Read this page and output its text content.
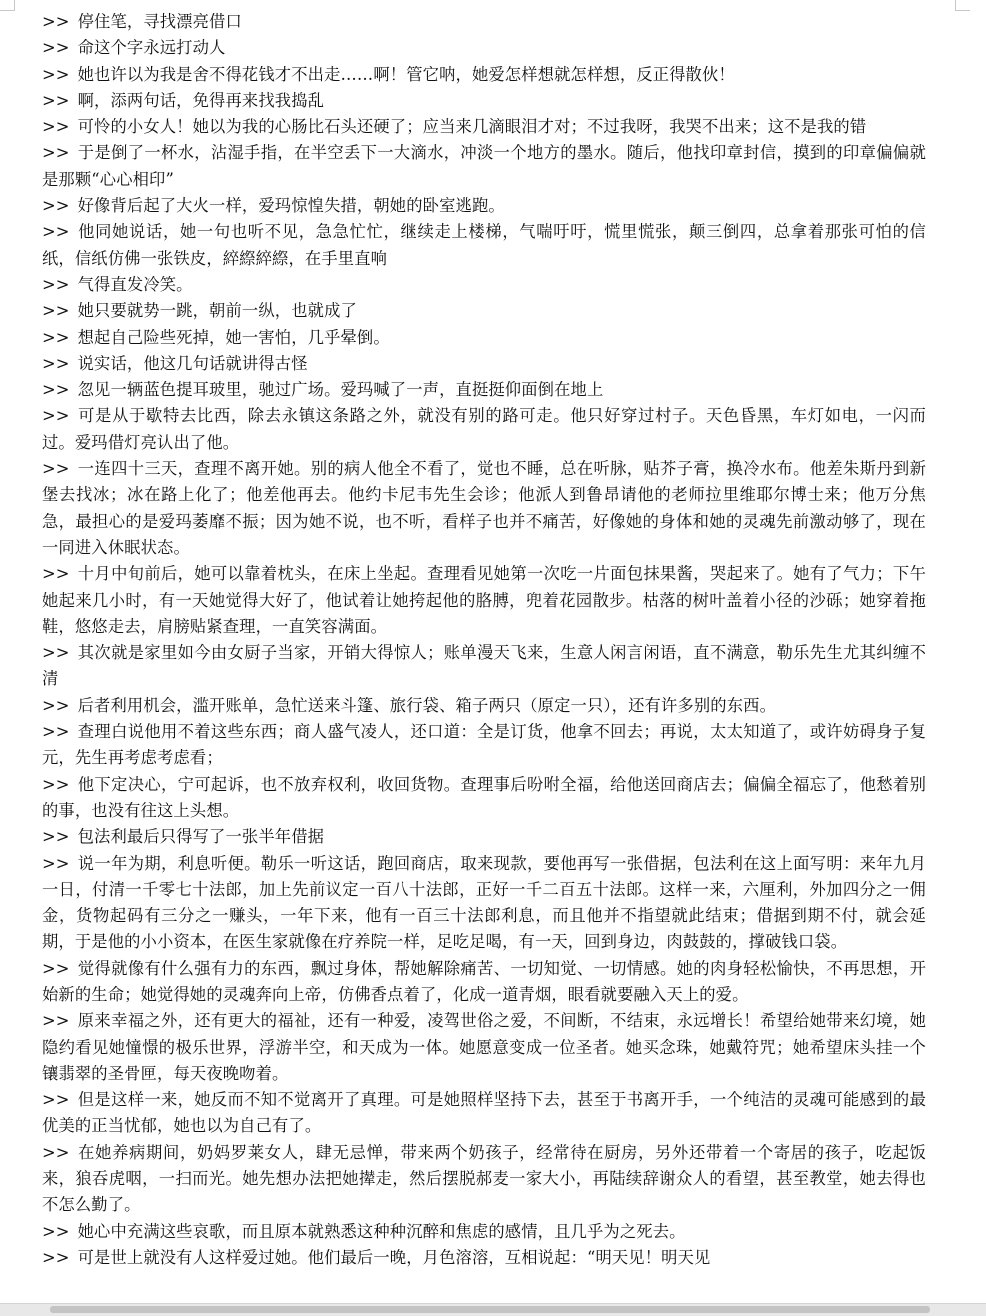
>> 停住笔，寻找漂亮借口

>> 命这个字永远打动人

>> 她也许以为我是舍不得花钱才不出走……啊！管它呐，她爱怎样想就怎样想，反正得散伙！

>> 啊，添两句话，免得再来找我捣乱

>> 可怜的小女人！她以为我的心肠比石头还硬了；应当来几滴眼泪才对；不过我呀，我哭不出来；这不是我的错

>> 于是倒了一杯水，沾湿手指，在半空丢下一大滴水，冲淡一个地方的墨水。随后，他找印章封信，摸到的印章偏偏就是那颗“心心相印”

>> 好像背后起了大火一样，爱玛惊惶失措，朝她的卧室逃跑。

>> 他同她说话，她一句也听不见，急急忙忙，继续走上楼梯，气喘吁吁，慌里慌张，颠三倒四，总拿着那张可怕的信纸，信纸仿佛一张铁皮，綷縩綷縩，在手里直响

>> 气得直发冷笑。

>> 她只要就势一跳，朝前一纵，也就成了

>> 想起自己险些死掉，她一害怕，几乎晕倒。

>> 说实话，他这几句话就讲得古怪

>> 忽见一辆蓝色提耳玻里，驰过广场。爱玛喊了一声，直挺挺仰面倒在地上

>> 可是从于歇特去比西，除去永镇这条路之外，就没有别的路可走。他只好穿过村子。天色昏黑，车灯如电，一闪而过。爱玛借灯亮认出了他。

>> 一连四十三天，查理不离开她。别的病人他全不看了，觉也不睡，总在听脉，贴芥子膏，换冷水布。他差朱斯丹到新堡去找冰；冰在路上化了；他差他再去。他约卡尼韦先生会诊；他派人到鲁昂请他的老师拉里维耶尔博士来；他万分焦急，最担心的是爱玛萎靡不振；因为她不说，也不听，看样子也并不痛苦，好像她的身体和她的灵魂先前激动够了，现在一同进入休眠状态。

>> 十月中旬前后，她可以靠着枕头，在床上坐起。查理看见她第一次吃一片面包抹果酱，哭起来了。她有了气力；下午她起来几小时，有一天她觉得大好了，他试着让她挎起他的胳膊，兜着花园散步。枯落的树叶盖着小径的沙砾；她穿着拖鞋，悠悠走去，肩膀贴紧查理，一直笑容满面。

>> 其次就是家里如今由女厨子当家，开销大得惊人；账单漫天飞来，生意人闲言闲语，直不满意，勒乐先生尤其纠缠不清

>> 后者利用机会，滥开账单，急忙送来斗篷、旅行袋、箱子两只（原定一只），还有许多别的东西。

>> 查理白说他用不着这些东西；商人盛气凌人，还口道：全是订货，他拿不回去；再说，太太知道了，或许妨碍身子复元，先生再考虑考虑看；

>> 他下定决心，宁可起诉，也不放弃权利，收回货物。查理事后吩咐全福，给他送回商店去；偏偏全福忘了，他愁着别的事，也没有往这上头想。

>> 包法利最后只得写了一张半年借据

>> 说一年为期，利息听便。勒乐一听这话，跑回商店，取来现款，要他再写一张借据，包法利在这上面写明：来年九月一日，付清一千零七十法郎，加上先前议定一百八十法郎，正好一千二百五十法郎。这样一来，六厘利，外加四分之一佣金，货物起码有三分之一赚头，一年下来，他有一百三十法郎利息，而且他并不指望就此结束；借据到期不付，就会延期，于是他的小小资本，在医生家就像在疗养院一样，足吃足喝，有一天，回到身边，肉鼓鼓的，撑破钱口袋。

>> 觉得就像有什么强有力的东西，飘过身体，帮她解除痛苦、一切知觉、一切情感。她的肉身轻松愉快，不再思想，开始新的生命；她觉得她的灵魂奔向上帝，仿佛香点着了，化成一道青烟，眼看就要融入天上的爱。

>> 原来幸福之外，还有更大的福祉，还有一种爱，凌驾世俗之爱，不间断，不结束，永远增长！希望给她带来幻境，她隐约看见她憧憬的极乐世界，浮游半空，和天成为一体。她愿意变成一位圣者。她买念珠，她戴符咒；她希望床头挂一个镶翡翠的圣骨匣，每天夜晚吻着。

>> 但是这样一来，她反而不知不觉离开了真理。可是她照样坚持下去，甚至于书离开手，一个纯洁的灵魂可能感到的最优美的正当忧郁，她也以为自己有了。

>> 在她养病期间，奶妈罗莱女人，肆无忌惮，带来两个奶孩子，经常待在厨房，另外还带着一个寄居的孩子，吃起饭来，狼吞虎咽，一扫而光。她先想办法把她撵走，然后摆脱郝麦一家大小，再陆续辞谢众人的看望，甚至教堂，她去得也不怎么勤了。

>> 她心中充满这些哀歌，而且原本就熟悉这种种沉醉和焦虑的感情，且几乎为之死去。

>> 可是世上就没有人这样爱过她。他们最后一晚，月色溶溶，互相说起：“明天见！明天见
